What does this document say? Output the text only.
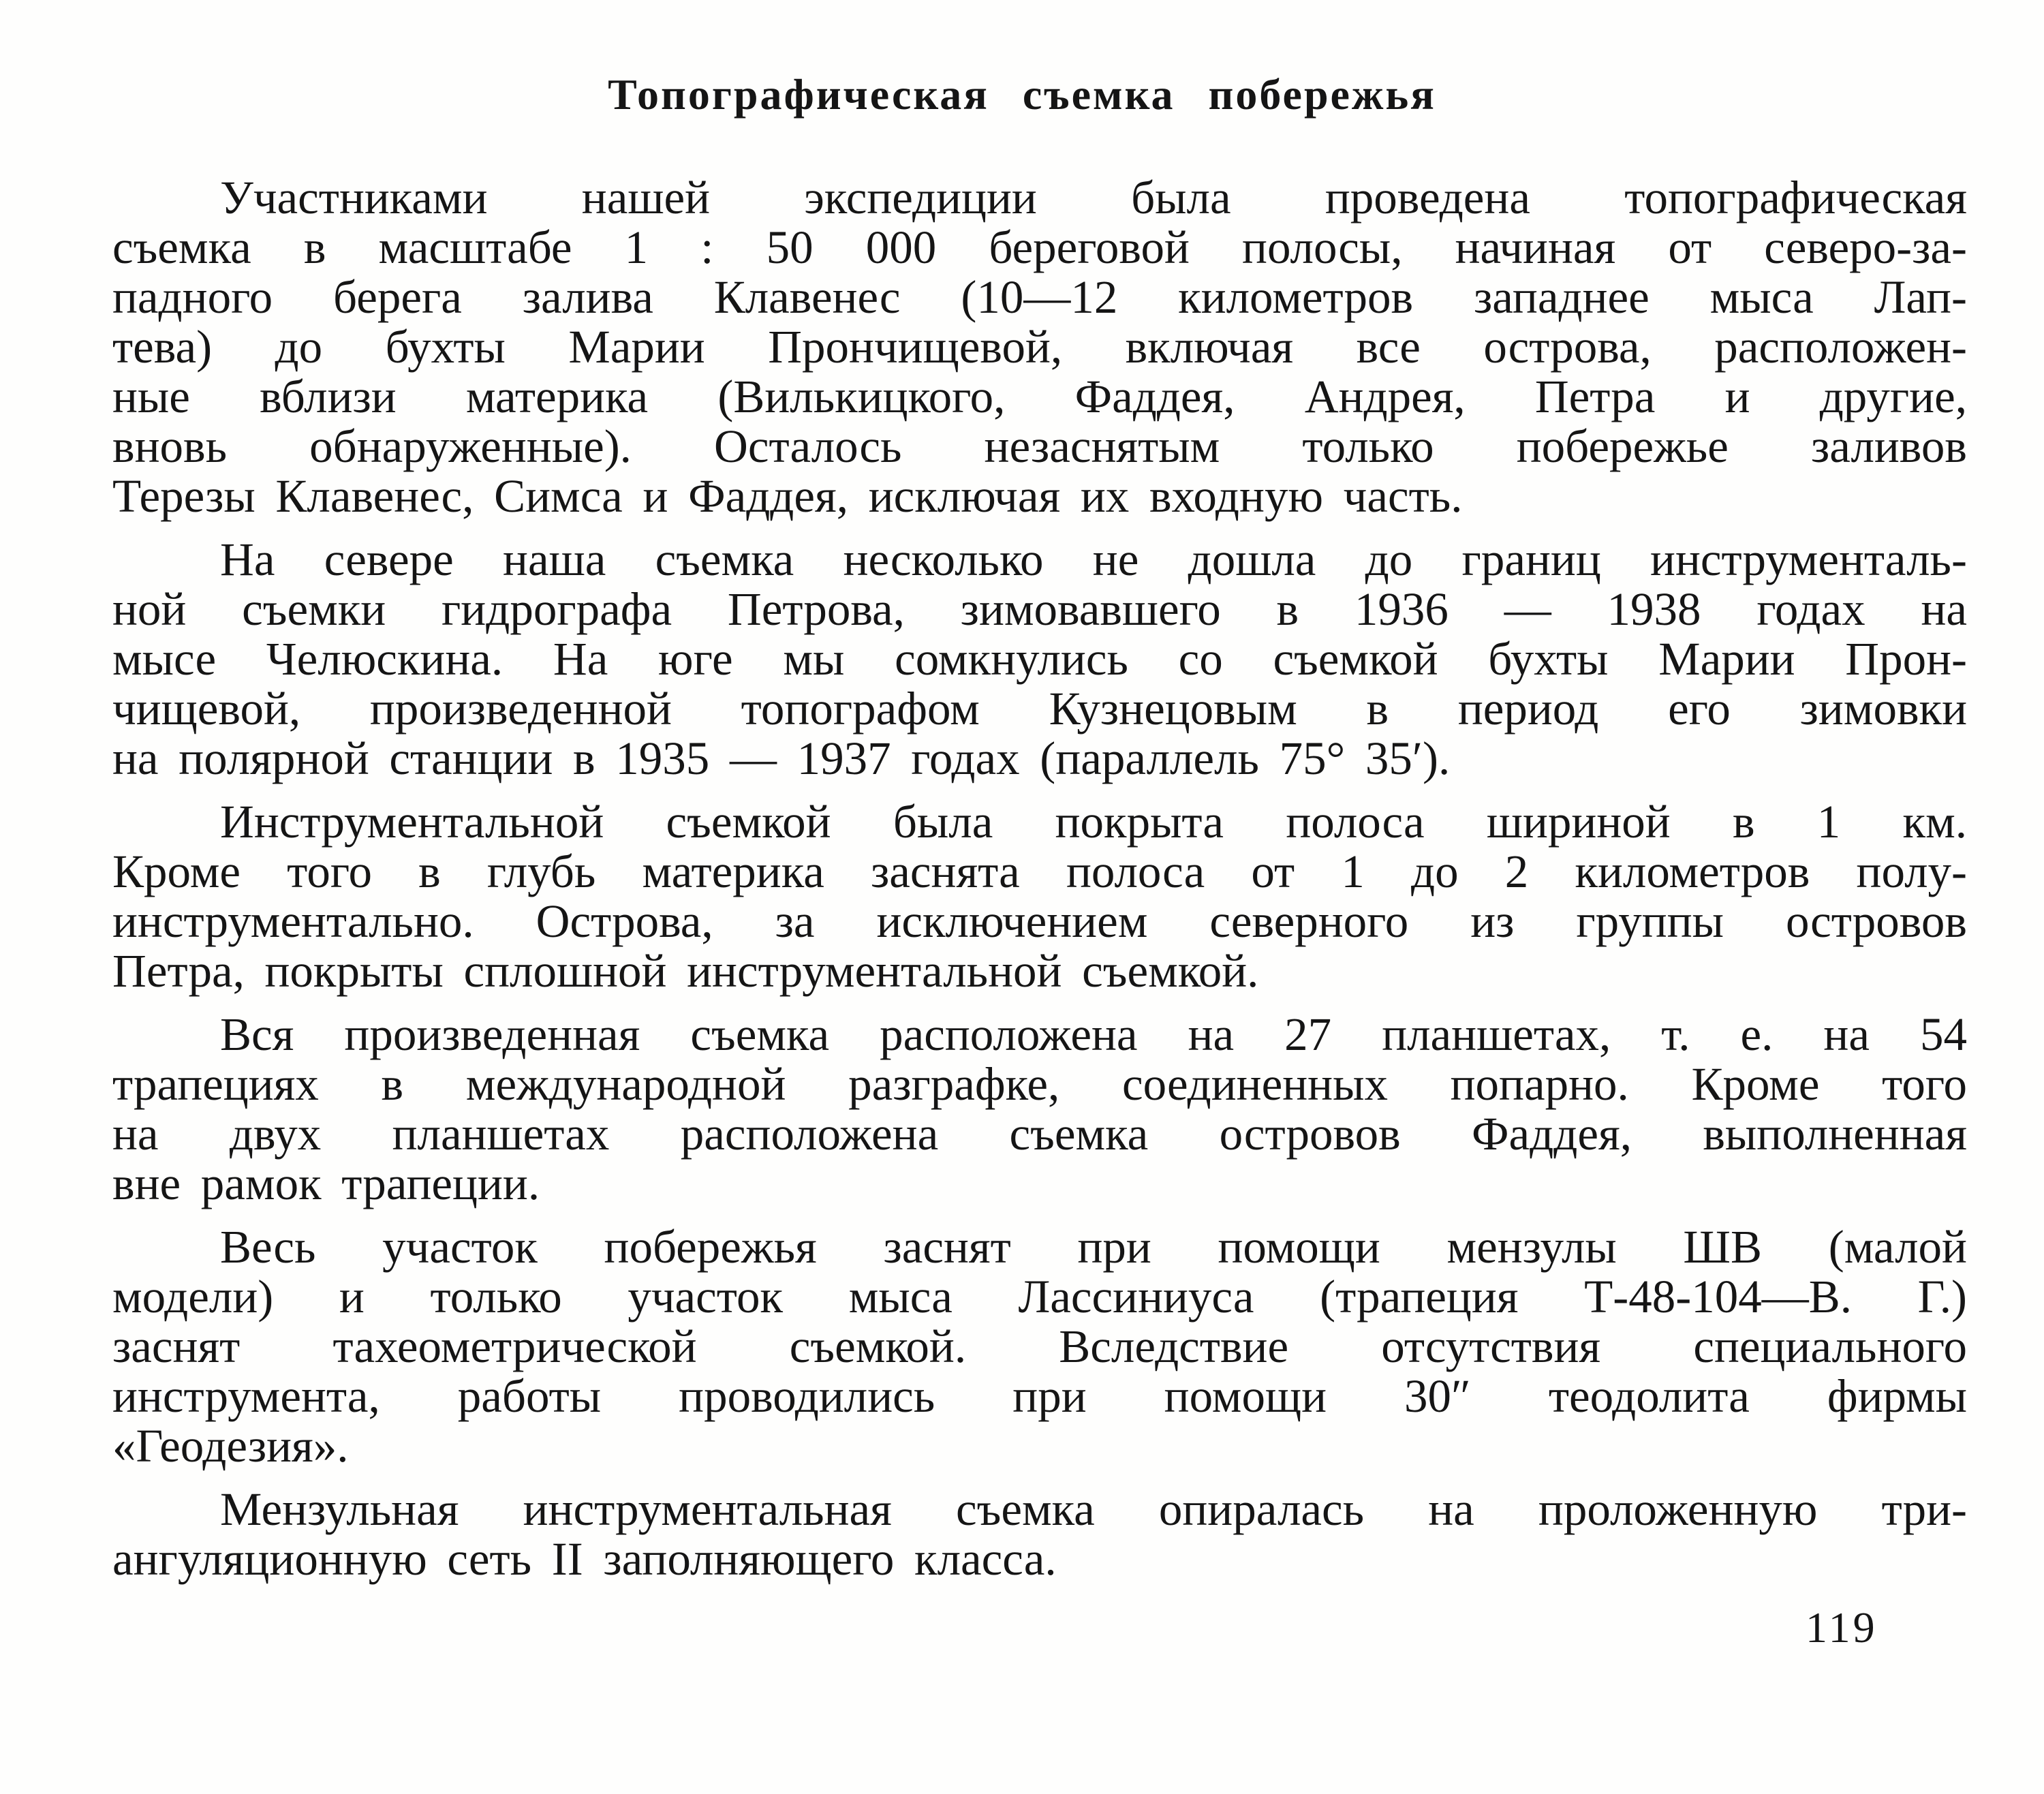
Топографическая съемка побережья
Участниками нашей экспедиции была проведена топографическая
съемка в масштабе 1 : 50 000 береговой полосы, начиная от северо-за-
падного берега залива Клавенес (10—12 километров западнее мыса Лап-
тева) до бухты Марии Прончищевой, включая все острова, расположен-
ные вблизи материка (Вилькицкого, Фаддея, Андрея, Петра и другие,
вновь обнаруженные). Осталось незаснятым только побережье заливов
Терезы Клавенес, Симса и Фаддея, исключая их входную часть.
На севере наша съемка несколько не дошла до границ инструменталь-
ной съемки гидрографа Петрова, зимовавшего в 1936 — 1938 годах на
мысе Челюскина. На юге мы сомкнулись со съемкой бухты Марии Прон-
чищевой, произведенной топографом Кузнецовым в период его зимовки
на полярной станции в 1935 — 1937 годах (параллель 75° 35′).
Инструментальной съемкой была покрыта полоса шириной в 1 км.
Кроме того в глубь материка заснята полоса от 1 до 2 километров полу-
инструментально. Острова, за исключением северного из группы островов
Петра, покрыты сплошной инструментальной съемкой.
Вся произведенная съемка расположена на 27 планшетах, т. е. на 54
трапециях в международной разграфке, соединенных попарно. Кроме того
на двух планшетах расположена съемка островов Фаддея, выполненная
вне рамок трапеции.
Весь участок побережья заснят при помощи мензулы ШВ (малой
модели) и только участок мыса Лассиниуса (трапеция Т-48-104—В. Г.)
заснят тахеометрической съемкой. Вследствие отсутствия специального
инструмента, работы проводились при помощи 30″ теодолита фирмы
«Геодезия».
Мензульная инструментальная съемка опиралась на проложенную три-
ангуляционную сеть II заполняющего класса.
119
